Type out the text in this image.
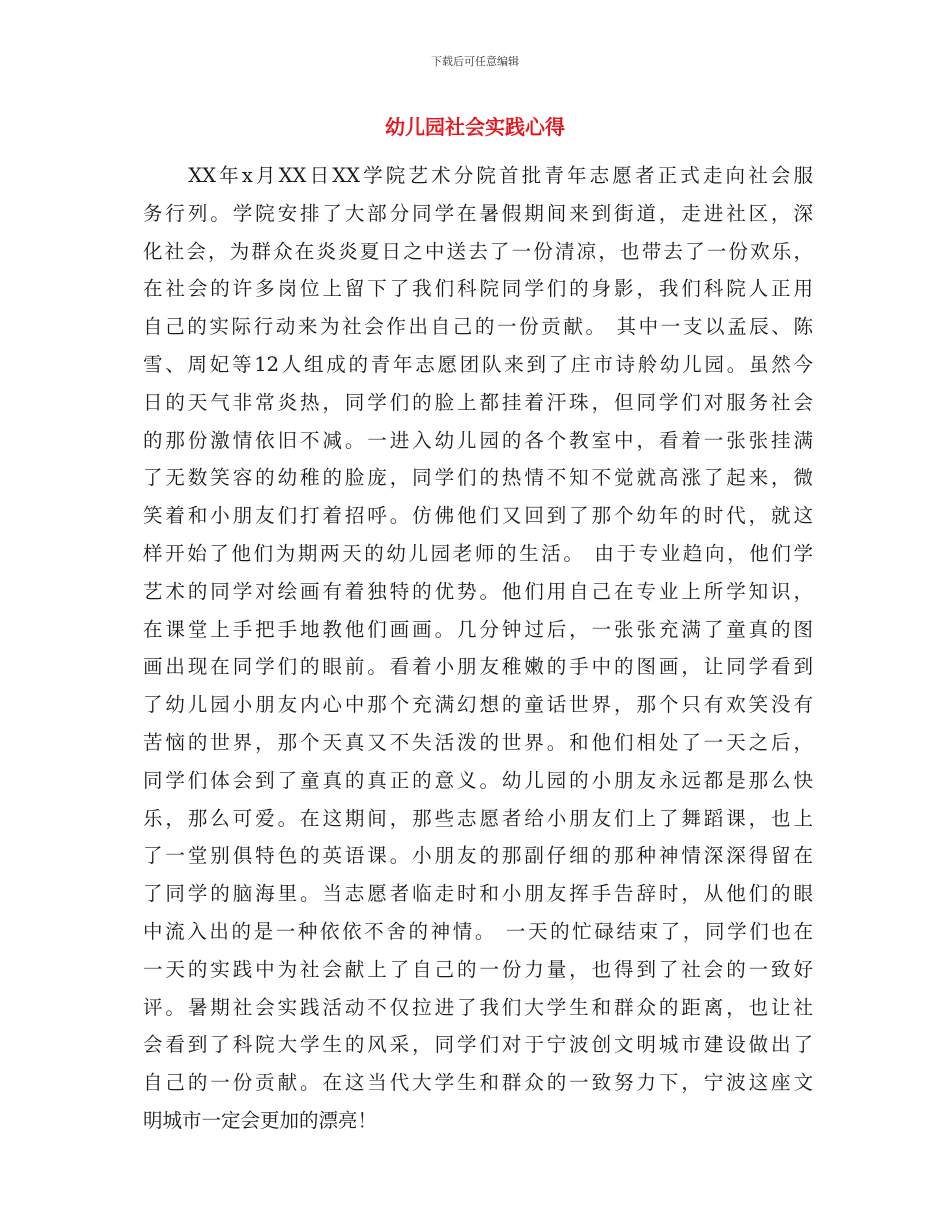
下载后可任意编辑
幼儿园社会实践心得
　　XX年x月XX日XX学院艺术分院首批青年志愿者正式走向社会服
务行列。学院安排了大部分同学在暑假期间来到街道，走进社区，深
化社会，为群众在炎炎夏日之中送去了一份清凉，也带去了一份欢乐，
在社会的许多岗位上留下了我们科院同学们的身影，我们科院人正用
自己的实际行动来为社会作出自己的一份贡献。 其中一支以孟辰、陈
雪、周妃等12人组成的青年志愿团队来到了庄市诗舲幼儿园。虽然今
日的天气非常炎热，同学们的脸上都挂着汗珠，但同学们对服务社会
的那份激情依旧不减。一进入幼儿园的各个教室中，看着一张张挂满
了无数笑容的幼稚的脸庞，同学们的热情不知不觉就高涨了起来，微
笑着和小朋友们打着招呼。仿佛他们又回到了那个幼年的时代，就这
样开始了他们为期两天的幼儿园老师的生活。 由于专业趋向，他们学
艺术的同学对绘画有着独特的优势。他们用自己在专业上所学知识，
在课堂上手把手地教他们画画。几分钟过后，一张张充满了童真的图
画出现在同学们的眼前。看着小朋友稚嫩的手中的图画，让同学看到
了幼儿园小朋友内心中那个充满幻想的童话世界，那个只有欢笑没有
苦恼的世界，那个天真又不失活泼的世界。和他们相处了一天之后，
同学们体会到了童真的真正的意义。幼儿园的小朋友永远都是那么快
乐，那么可爱。在这期间，那些志愿者给小朋友们上了舞蹈课，也上
了一堂别俱特色的英语课。小朋友的那副仔细的那种神情深深得留在
了同学的脑海里。当志愿者临走时和小朋友挥手告辞时，从他们的眼
中流入出的是一种依依不舍的神情。 一天的忙碌结束了，同学们也在
一天的实践中为社会献上了自己的一份力量，也得到了社会的一致好
评。暑期社会实践活动不仅拉进了我们大学生和群众的距离，也让社
会看到了科院大学生的风采，同学们对于宁波创文明城市建设做出了
自己的一份贡献。在这当代大学生和群众的一致努力下，宁波这座文
明城市一定会更加的漂亮！
